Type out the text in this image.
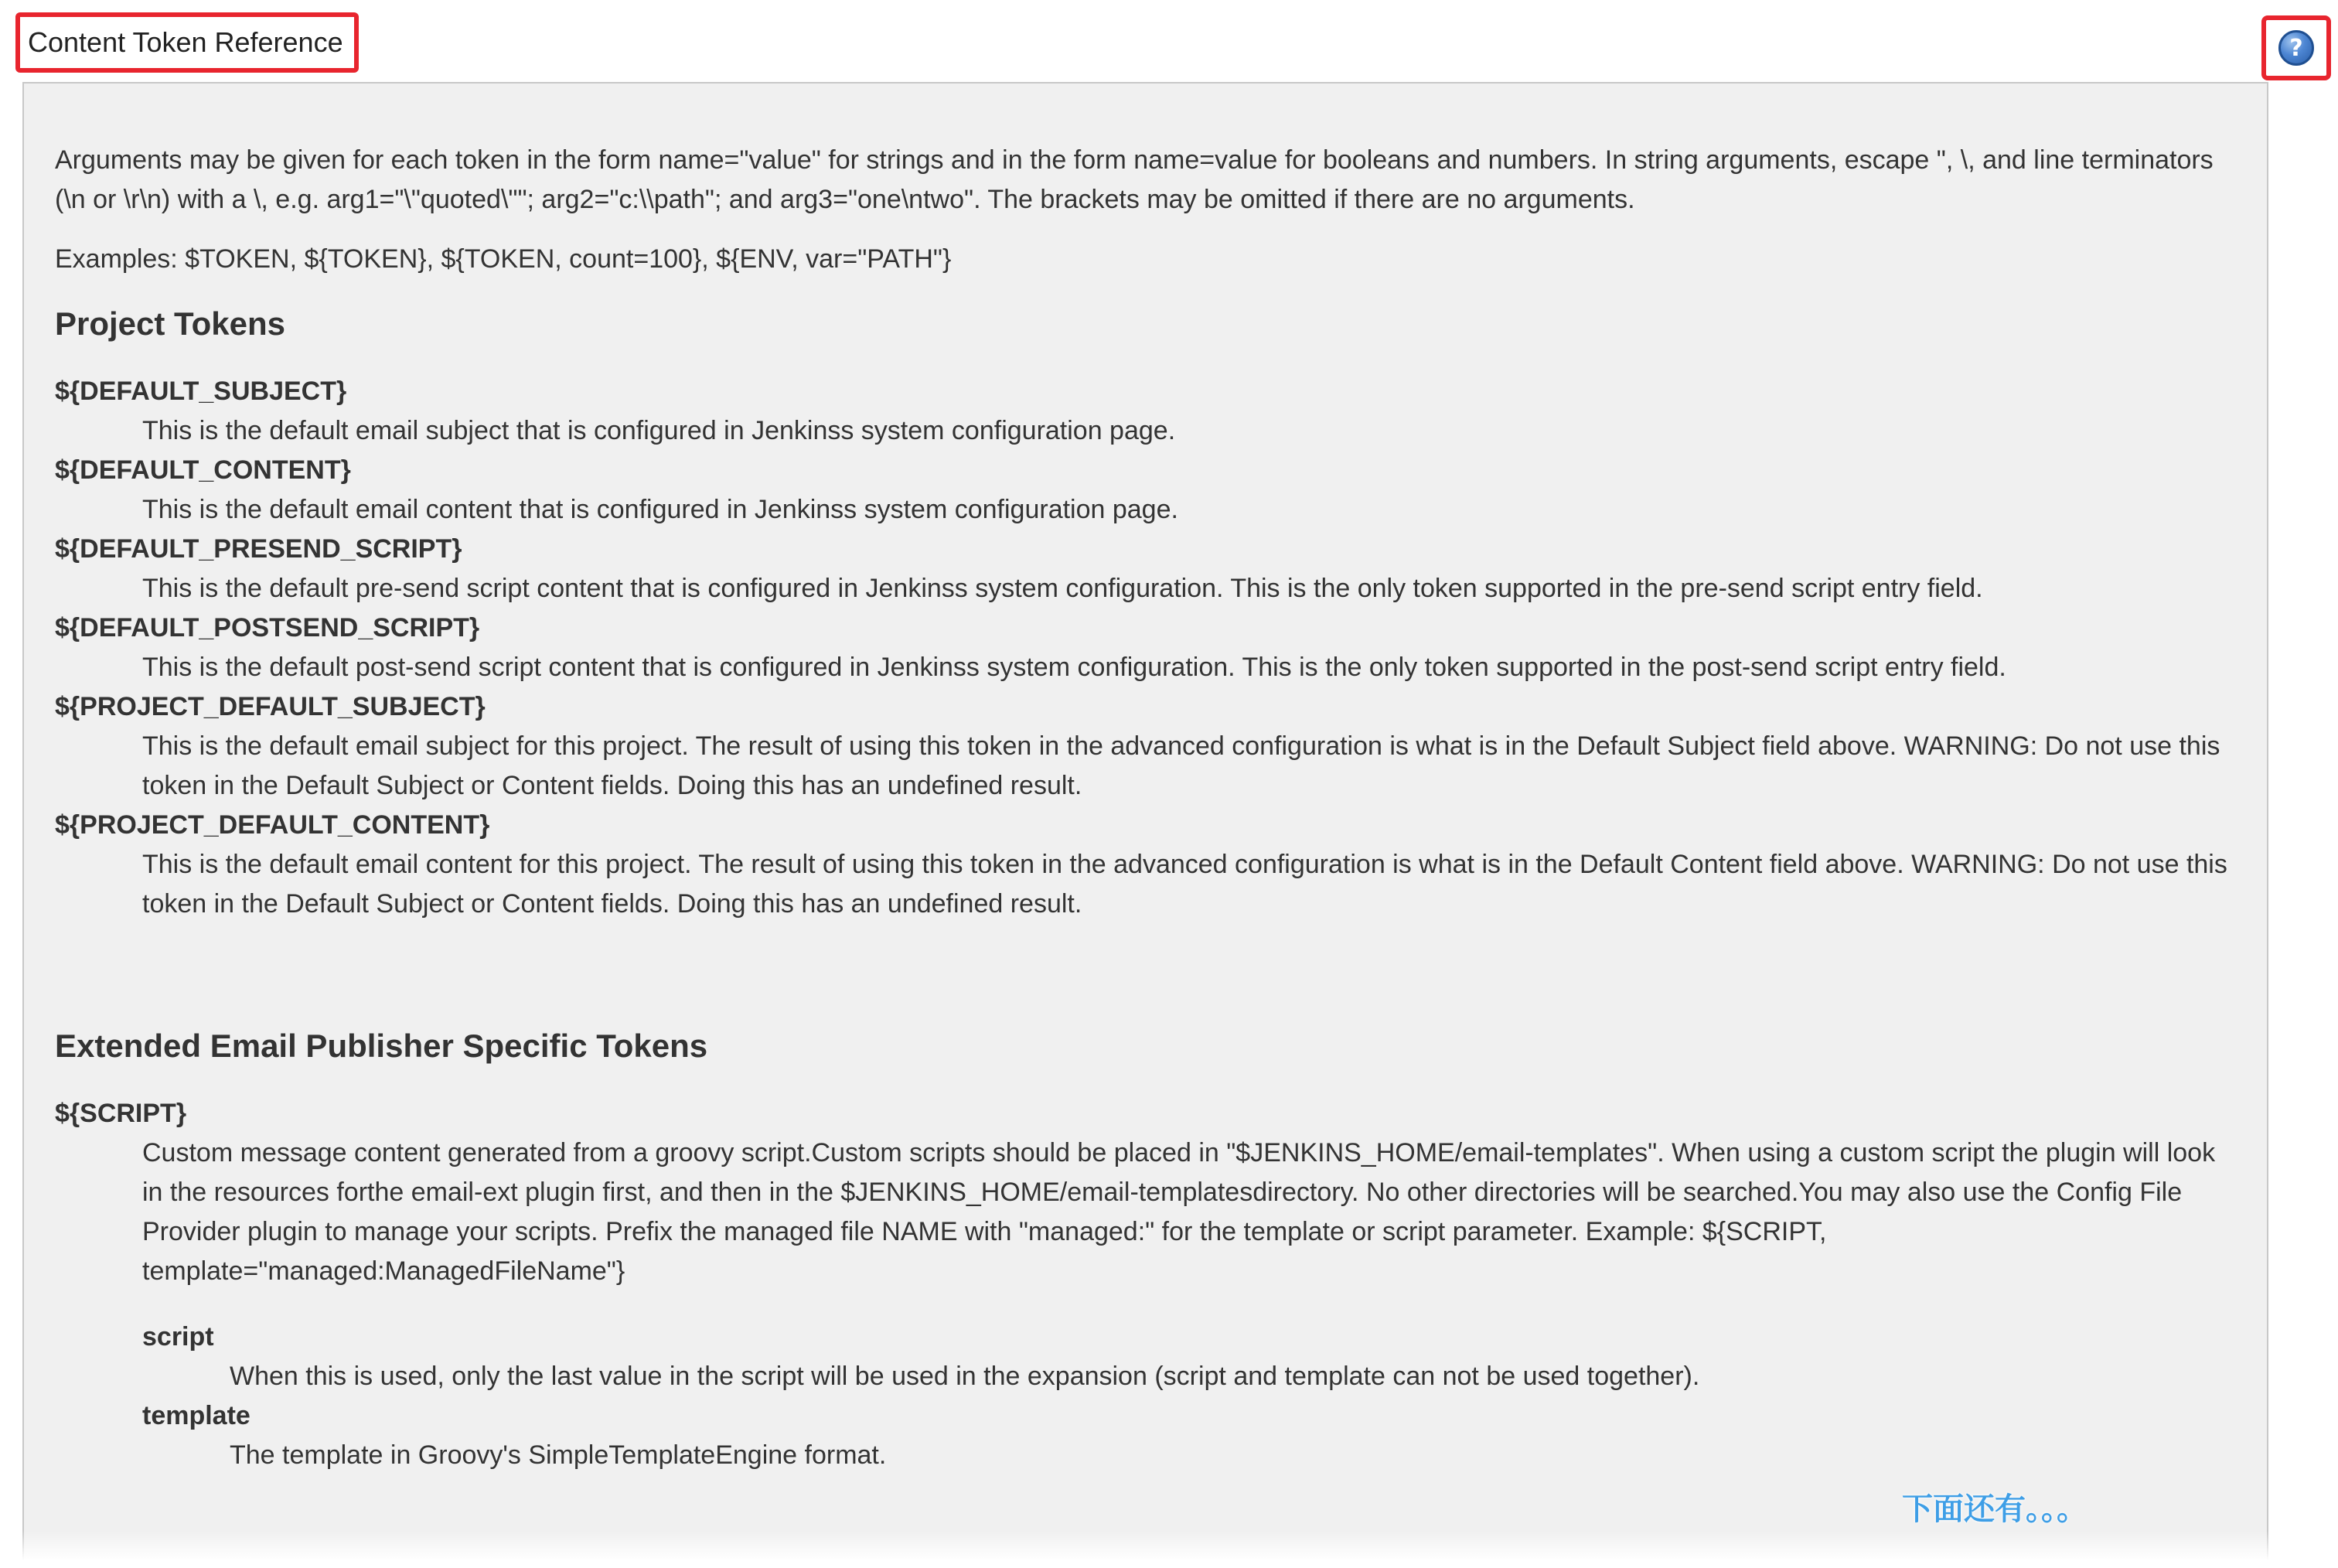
Content Token Reference	?

Arguments may be given for each token in the form name="value" for strings and in the form name=value for booleans and numbers. In string arguments, escape ", \, and line terminators (\n or \r\n) with a \, e.g. arg1="\"quoted\""; arg2="c:\\path"; and arg3="one\ntwo". The brackets may be omitted if there are no arguments.

Examples: $TOKEN, ${TOKEN}, ${TOKEN, count=100}, ${ENV, var="PATH"}

Project Tokens
${DEFAULT_SUBJECT}
This is the default email subject that is configured in Jenkinss system configuration page.
${DEFAULT_CONTENT}
This is the default email content that is configured in Jenkinss system configuration page.
${DEFAULT_PRESEND_SCRIPT}
This is the default pre-send script content that is configured in Jenkinss system configuration. This is the only token supported in the pre-send script entry field.
${DEFAULT_POSTSEND_SCRIPT}
This is the default post-send script content that is configured in Jenkinss system configuration. This is the only token supported in the post-send script entry field.
${PROJECT_DEFAULT_SUBJECT}
This is the default email subject for this project. The result of using this token in the advanced configuration is what is in the Default Subject field above. WARNING: Do not use this token in the Default Subject or Content fields. Doing this has an undefined result.
${PROJECT_DEFAULT_CONTENT}
This is the default email content for this project. The result of using this token in the advanced configuration is what is in the Default Content field above. WARNING: Do not use this token in the Default Subject or Content fields. Doing this has an undefined result.
Extended Email Publisher Specific Tokens
${SCRIPT}
Custom message content generated from a groovy script.Custom scripts should be placed in "$JENKINS_HOME/email-templates". When using a custom script the plugin will look in the resources forthe email-ext plugin first, and then in the $JENKINS_HOME/email-templatesdirectory. No other directories will be searched.You may also use the Config File Provider plugin to manage your scripts. Prefix the managed file NAME with "managed:" for the template or script parameter. Example: ${SCRIPT, template="managed:ManagedFileName"}
script
When this is used, only the last value in the script will be used in the expansion (script and template can not be used together).
template
The template in Groovy's SimpleTemplateEngine format.
下面还有。。。
